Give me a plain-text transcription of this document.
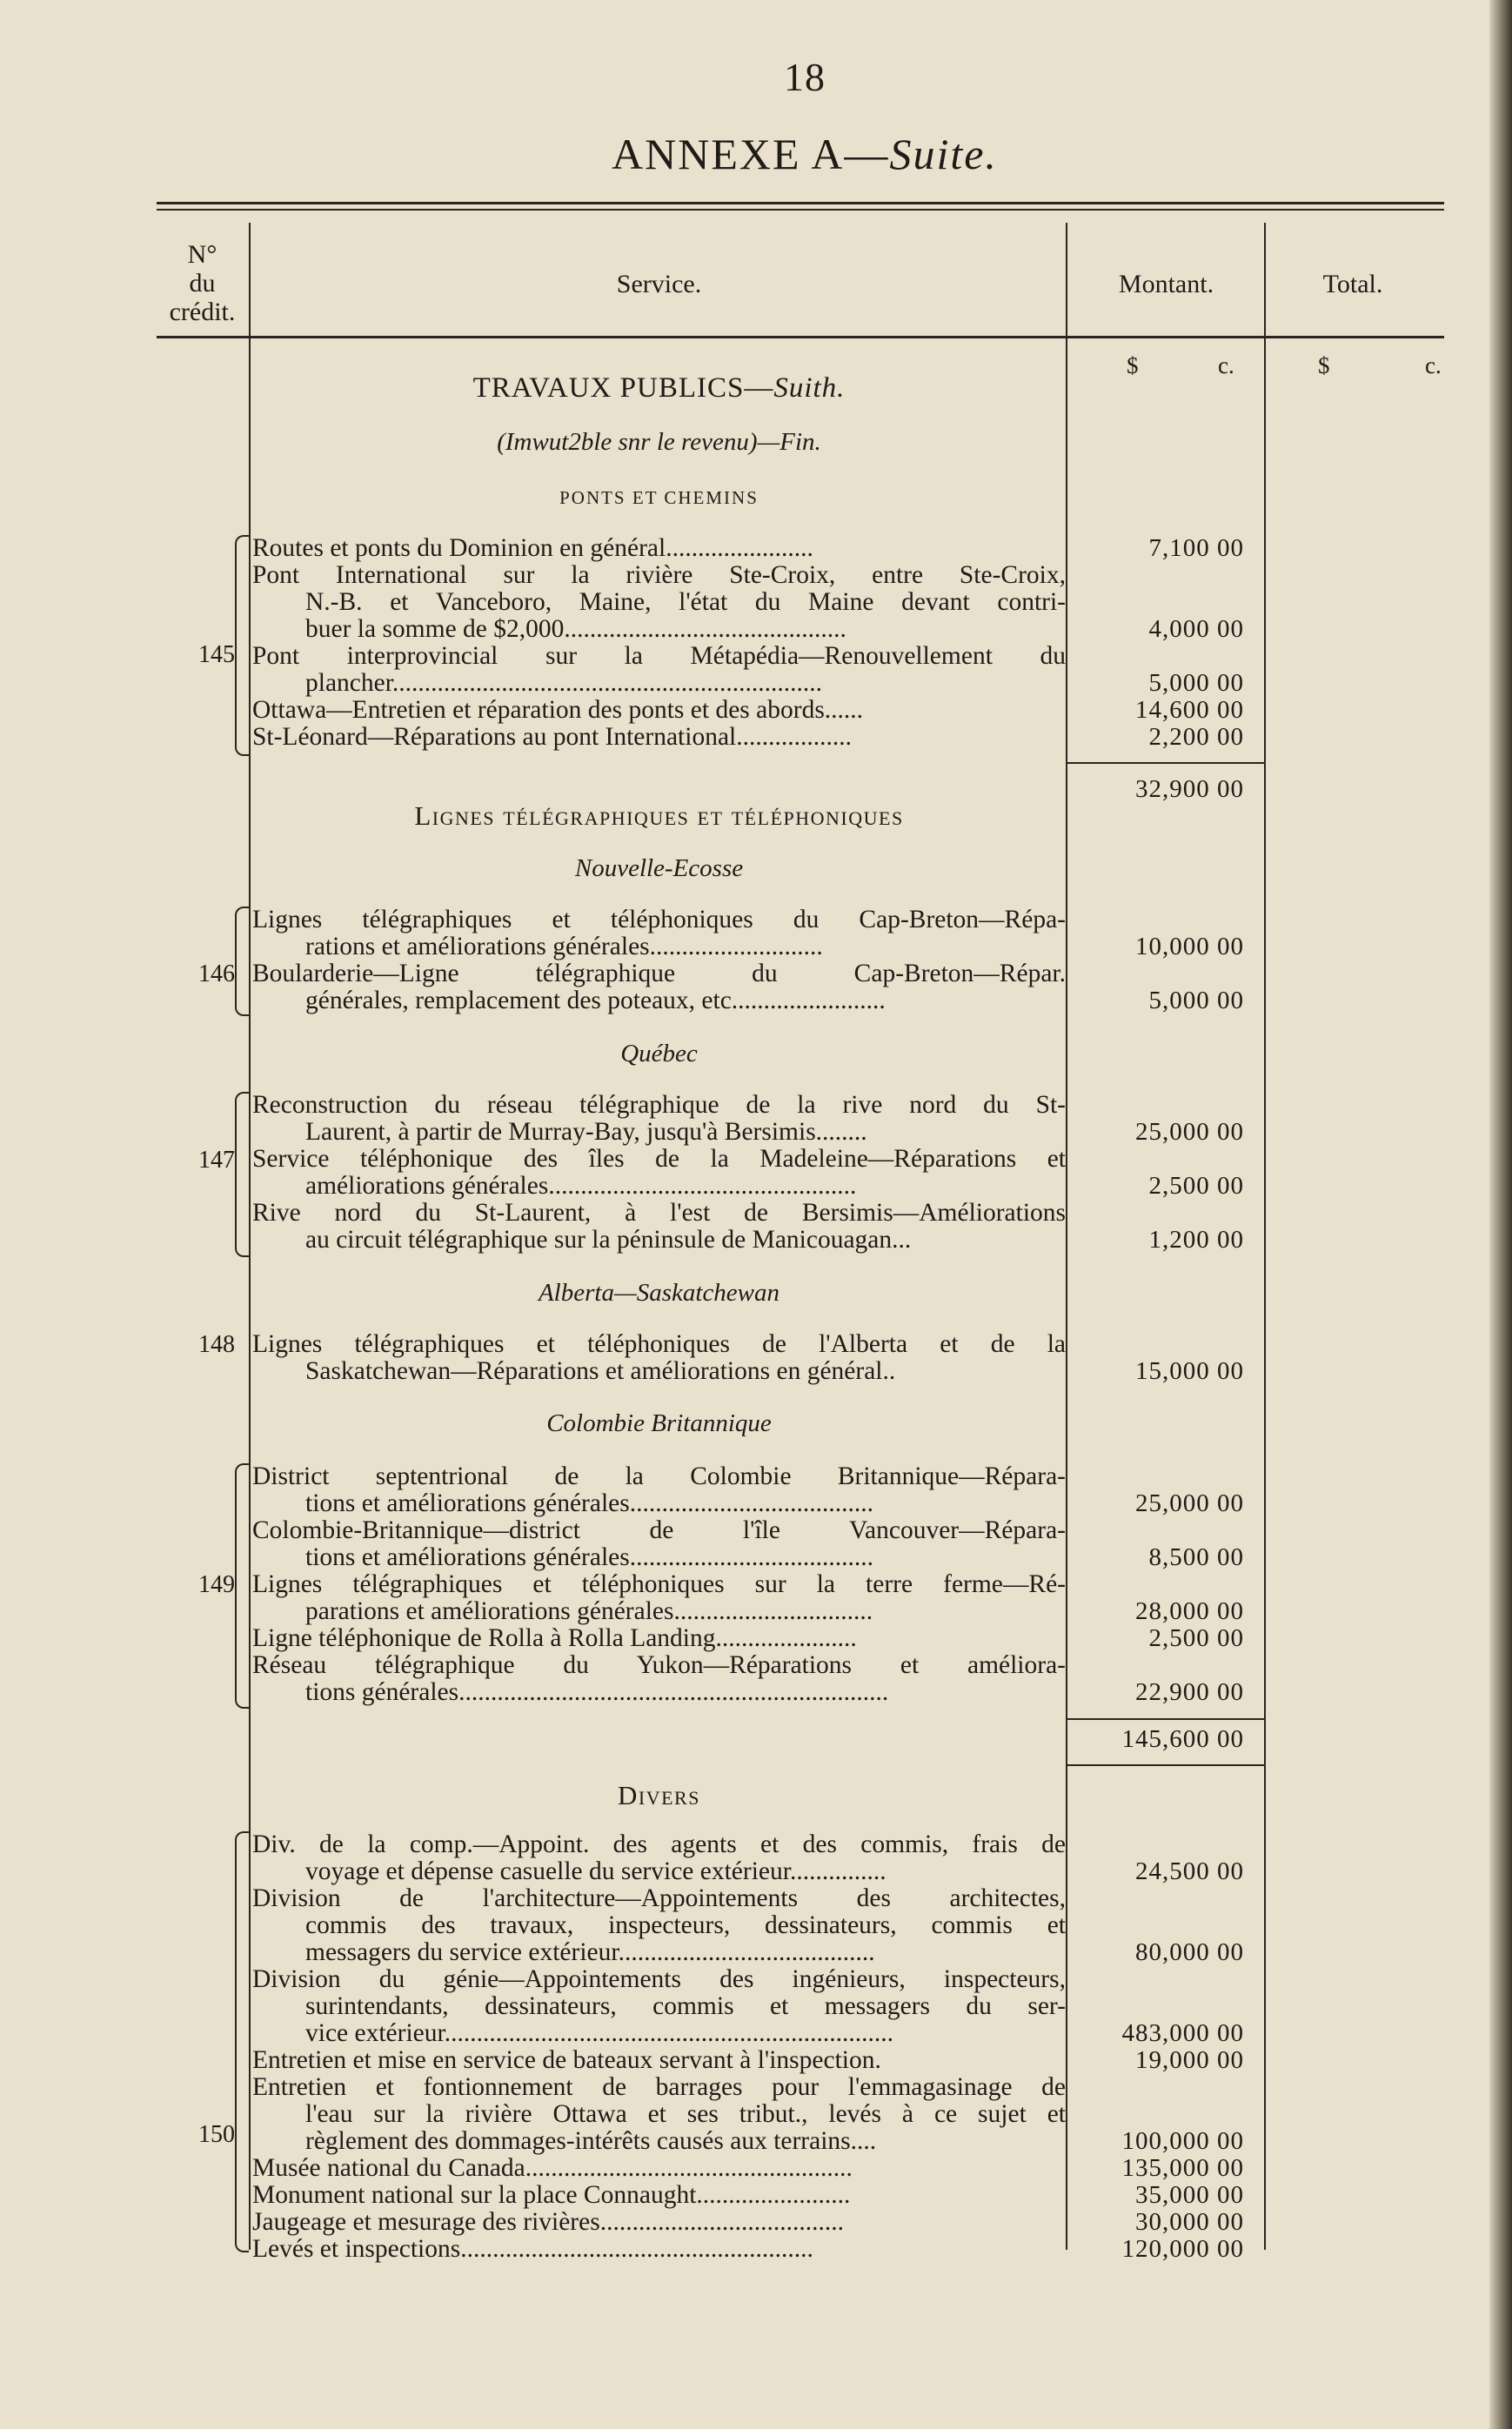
18
ANNEXE A—Suite.
N°
du
crédit.
Service.	Montant.	Total.
$	c.	$	c.
TRAVAUX PUBLICS—Suith.
(Imwut2ble snr le revenu)—Fin.
PONTS ET CHEMINS
145
Routes et ponts du Dominion en général.......................	7,100 00
Pont International sur la rivière Ste-Croix, entre Ste-Croix,
N.-B. et Vanceboro, Maine, l'état du Maine devant contri-
buer la somme de $2,000............................................	4,000 00
Pont interprovincial sur la Métapédia—Renouvellement du
plancher...................................................................	5,000 00
Ottawa—Entretien et réparation des ponts et des abords......	14,600 00
St-Léonard—Réparations au pont International..................	2,200 00
32,900 00
Lignes télégraphiques et téléphoniques
Nouvelle-Ecosse
146
Lignes télégraphiques et téléphoniques du Cap-Breton—Répa-
rations et améliorations générales...........................	10,000 00
Boularderie—Ligne télégraphique du Cap-Breton—Répar.
générales, remplacement des poteaux, etc........................	5,000 00
Québec
147
Reconstruction du réseau télégraphique de la rive nord du St-
Laurent, à partir de Murray-Bay, jusqu'à Bersimis........	25,000 00
Service téléphonique des îles de la Madeleine—Réparations et
améliorations générales................................................	2,500 00
Rive nord du St-Laurent, à l'est de Bersimis—Améliorations
au circuit télégraphique sur la péninsule de Manicouagan...	1,200 00
Alberta—Saskatchewan
148 Lignes télégraphiques et téléphoniques de l'Alberta et de la
Saskatchewan—Réparations et améliorations en général..	15,000 00
Colombie Britannique
149
District septentrional de la Colombie Britannique—Répara-
tions et améliorations générales......................................	25,000 00
Colombie-Britannique—district de l'île Vancouver—Répara-
tions et améliorations générales......................................	8,500 00
Lignes télégraphiques et téléphoniques sur la terre ferme—Ré-
parations et améliorations générales...............................	28,000 00
Ligne téléphonique de Rolla à Rolla Landing......................	2,500 00
Réseau télégraphique du Yukon—Réparations et améliora-
tions générales...................................................................	22,900 00
145,600 00
Divers
150
Div. de la comp.—Appoint. des agents et des commis, frais de
voyage et dépense casuelle du service extérieur...............	24,500 00
Division de l'architecture—Appointements des architectes,
commis des travaux, inspecteurs, dessinateurs, commis et
messagers du service extérieur........................................	80,000 00
Division du génie—Appointements des ingénieurs, inspecteurs,
surintendants, dessinateurs, commis et messagers du ser-
vice extérieur......................................................................	483,000 00
Entretien et mise en service de bateaux servant à l'inspection.	19,000 00
Entretien et fontionnement de barrages pour l'emmagasinage de
l'eau sur la rivière Ottawa et ses tribut., levés à ce sujet et
règlement des dommages-intérêts causés aux terrains....	100,000 00
Musée national du Canada...................................................	135,000 00
Monument national sur la place Connaught........................	35,000 00
Jaugeage et mesurage des rivières......................................	30,000 00
Levés et inspections.......................................................	120,000 00
